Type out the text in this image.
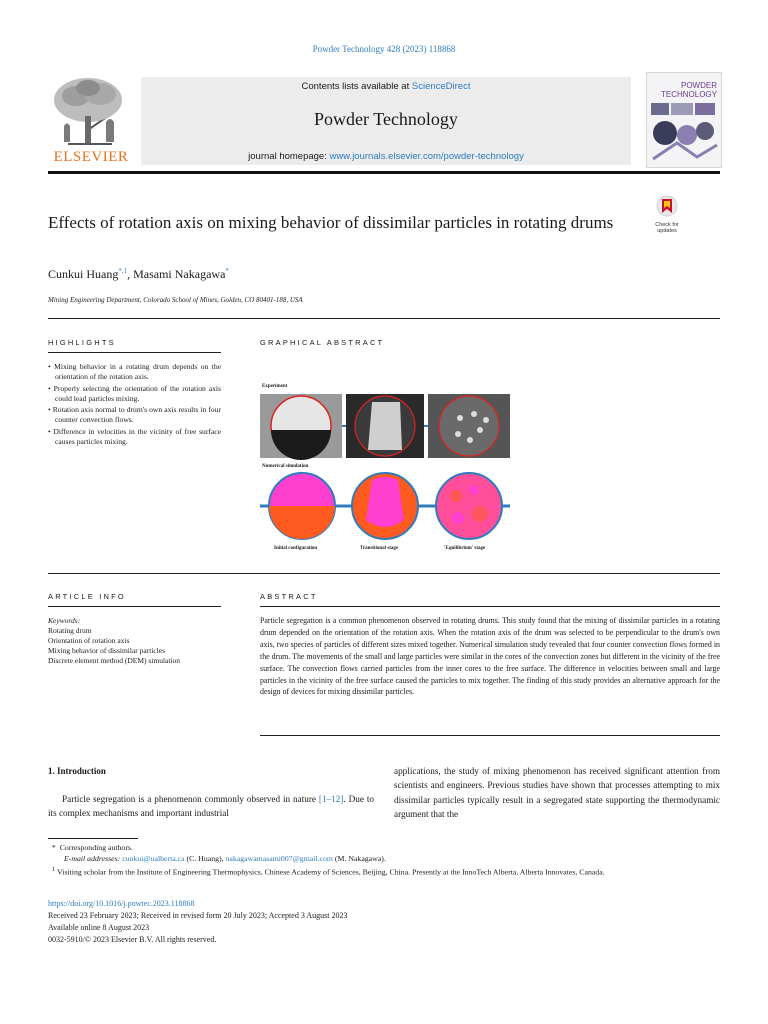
Powder Technology 428 (2023) 118868
ELSEVIER
Contents lists available at ScienceDirect
Powder Technology
journal homepage: www.journals.elsevier.com/powder-technology
POWDER
TECHNOLOGY
Effects of rotation axis on mixing behavior of dissimilar particles in rotating drums	Check for
updates
Cunkui Huang$^{*,1}$, Masami Nakagawa*
Mining Engineering Department, Colorado School of Mines, Golden, CO 80401-188, USA
HIGHLIGHTS
• Mixing behavior in a rotating drum depends on the orientation of the rotation axis.
• Properly selecting the orientation of the rotation axis could lead particles mixing.
• Rotation axis normal to drum's own axis results in four counter convection flows.
• Difference in velocities in the vicinity of free surface causes particles mixing.
GRAPHICAL ABSTRACT
Experiment
Numerical simulation
Initial configuration	Transitional stage	'Equilibrium' stage
ARTICLE INFO
Keywords:
Rotating drum
Orientation of rotation axis
Mixing behavior of dissimilar particles
Discrete element method (DEM) simulation
ABSTRACT

Particle segregation is a common phenomenon observed in rotating drums. This study found that the mixing of dissimilar particles in a rotating drum depended on the orientation of the rotation axis. When the rotation axis of the drum was selected to be perpendicular to the drum's own axis, two species of particles of different sizes mixed together. Numerical simulation study revealed that four counter convection flows formed in the drum. The movements of the small and large particles were similar in the cores of the convection zones but different in the vicinity of the free surface. The convection flows carried particles from the inner cores to the free surface. The difference in velocities between small and large particles in the vicinity of the free surface caused the particles to mix together. The finding of this study provides an alternative approach for the design of devices for mixing dissimilar particles.

1. Introduction

Particle segregation is a phenomenon commonly observed in nature [1–12]. Due to its complex mechanisms and important industrial

applications, the study of mixing phenomenon has received significant attention from scientists and engineers. Previous studies have shown that processes attempting to mix dissimilar particles typically result in a segregated state supporting the thermodynamic argument that the

* Corresponding authors.
E-mail addresses: cunkui@ualberta.ca (C. Huang), nakagawamasami007@gmail.com (M. Nakagawa).
$^1$ Visiting scholar from the Institute of Engineering Thermophysics, Chinese Academy of Sciences, Beijing, China. Presently at the InnoTech Alberta, Alberta Innovates, Canada.
https://doi.org/10.1016/j.powtec.2023.118868
Received 23 February 2023; Received in revised form 20 July 2023; Accepted 3 August 2023
Available online 8 August 2023
0032-5910/© 2023 Elsevier B.V. All rights reserved.
